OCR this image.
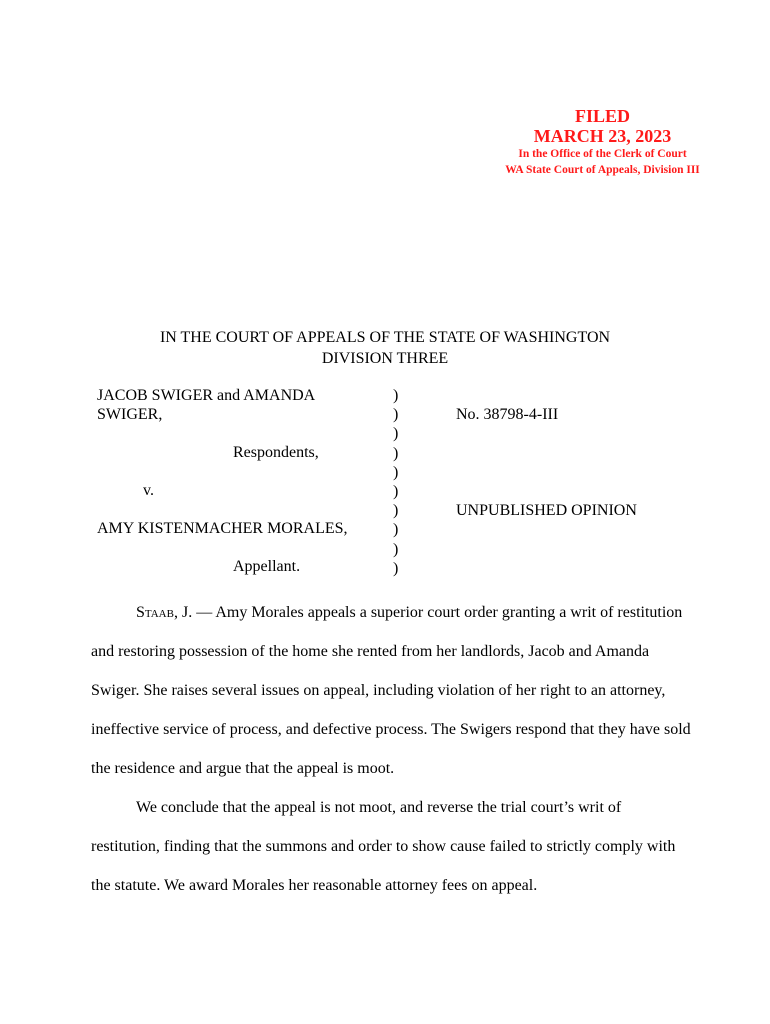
FILED
MARCH 23, 2023
In the Office of the Clerk of Court
WA State Court of Appeals, Division III
IN THE COURT OF APPEALS OF THE STATE OF WASHINGTON
DIVISION THREE
JACOB SWIGER and AMANDA
SWIGER,

Respondents,

v.

AMY KISTENMACHER MORALES,

Appellant.
)
)
)
)
)
)
)
)
)
)
No. 38798-4-III
UNPUBLISHED OPINION

Staab, J. — Amy Morales appeals a superior court order granting a writ of restitution and restoring possession of the home she rented from her landlords, Jacob and Amanda Swiger. She raises several issues on appeal, including violation of her right to an attorney, ineffective service of process, and defective process. The Swigers respond that they have sold the residence and argue that the appeal is moot.

We conclude that the appeal is not moot, and reverse the trial court’s writ of restitution, finding that the summons and order to show cause failed to strictly comply with the statute. We award Morales her reasonable attorney fees on appeal.
